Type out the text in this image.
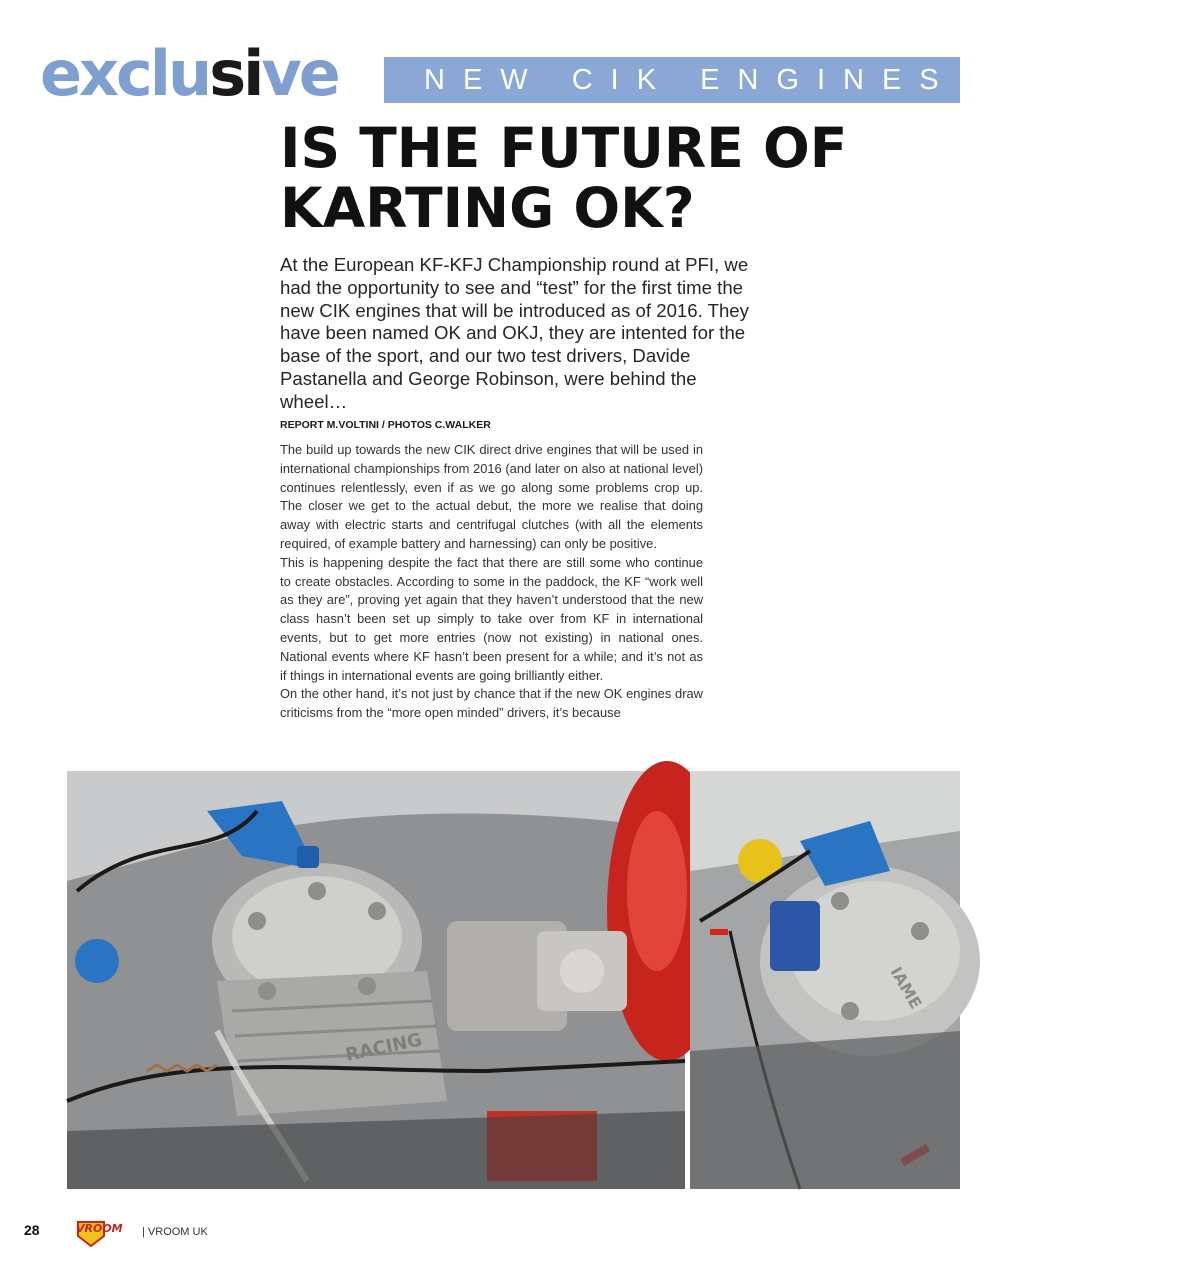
exclusive	NEW CIK ENGINES AT PFI
IS THE FUTURE OF
KARTING OK?

At the European KF-KFJ Championship round at PFI, we had the opportunity to see and “test” for the first time the new CIK engines that will be introduced as of 2016. They have been named OK and OKJ, they are intented for the base of the sport, and our two test drivers, Davide Pastanella and George Robinson, were behind the wheel…

REPORT M.VOLTINI / PHOTOS C.WALKER

The build up towards the new CIK direct drive engines that will be used in international championships from 2016 (and later on also at national level) continues relentlessly, even if as we go along some problems crop up. The closer we get to the actual debut, the more we realise that doing away with electric starts and centrifugal clutches (with all the elements required, of example battery and harnessing) can only be positive.

This is happening despite the fact that there are still some who continue to create obstacles. According to some in the paddock, the KF “work well as they are”, proving yet again that they haven’t understood that the new class hasn’t been set up simply to take over from KF in international events, but to get more entries (now not existing) in national ones. National events where KF hasn’t been present for a while; and it’s not as if things in international events are going brilliantly either.

On the other hand, it’s not just by chance that if the new OK engines draw criticisms from the “more open minded” drivers, it’s because

RACING
IAME
28	VROOM | VROOM UK
